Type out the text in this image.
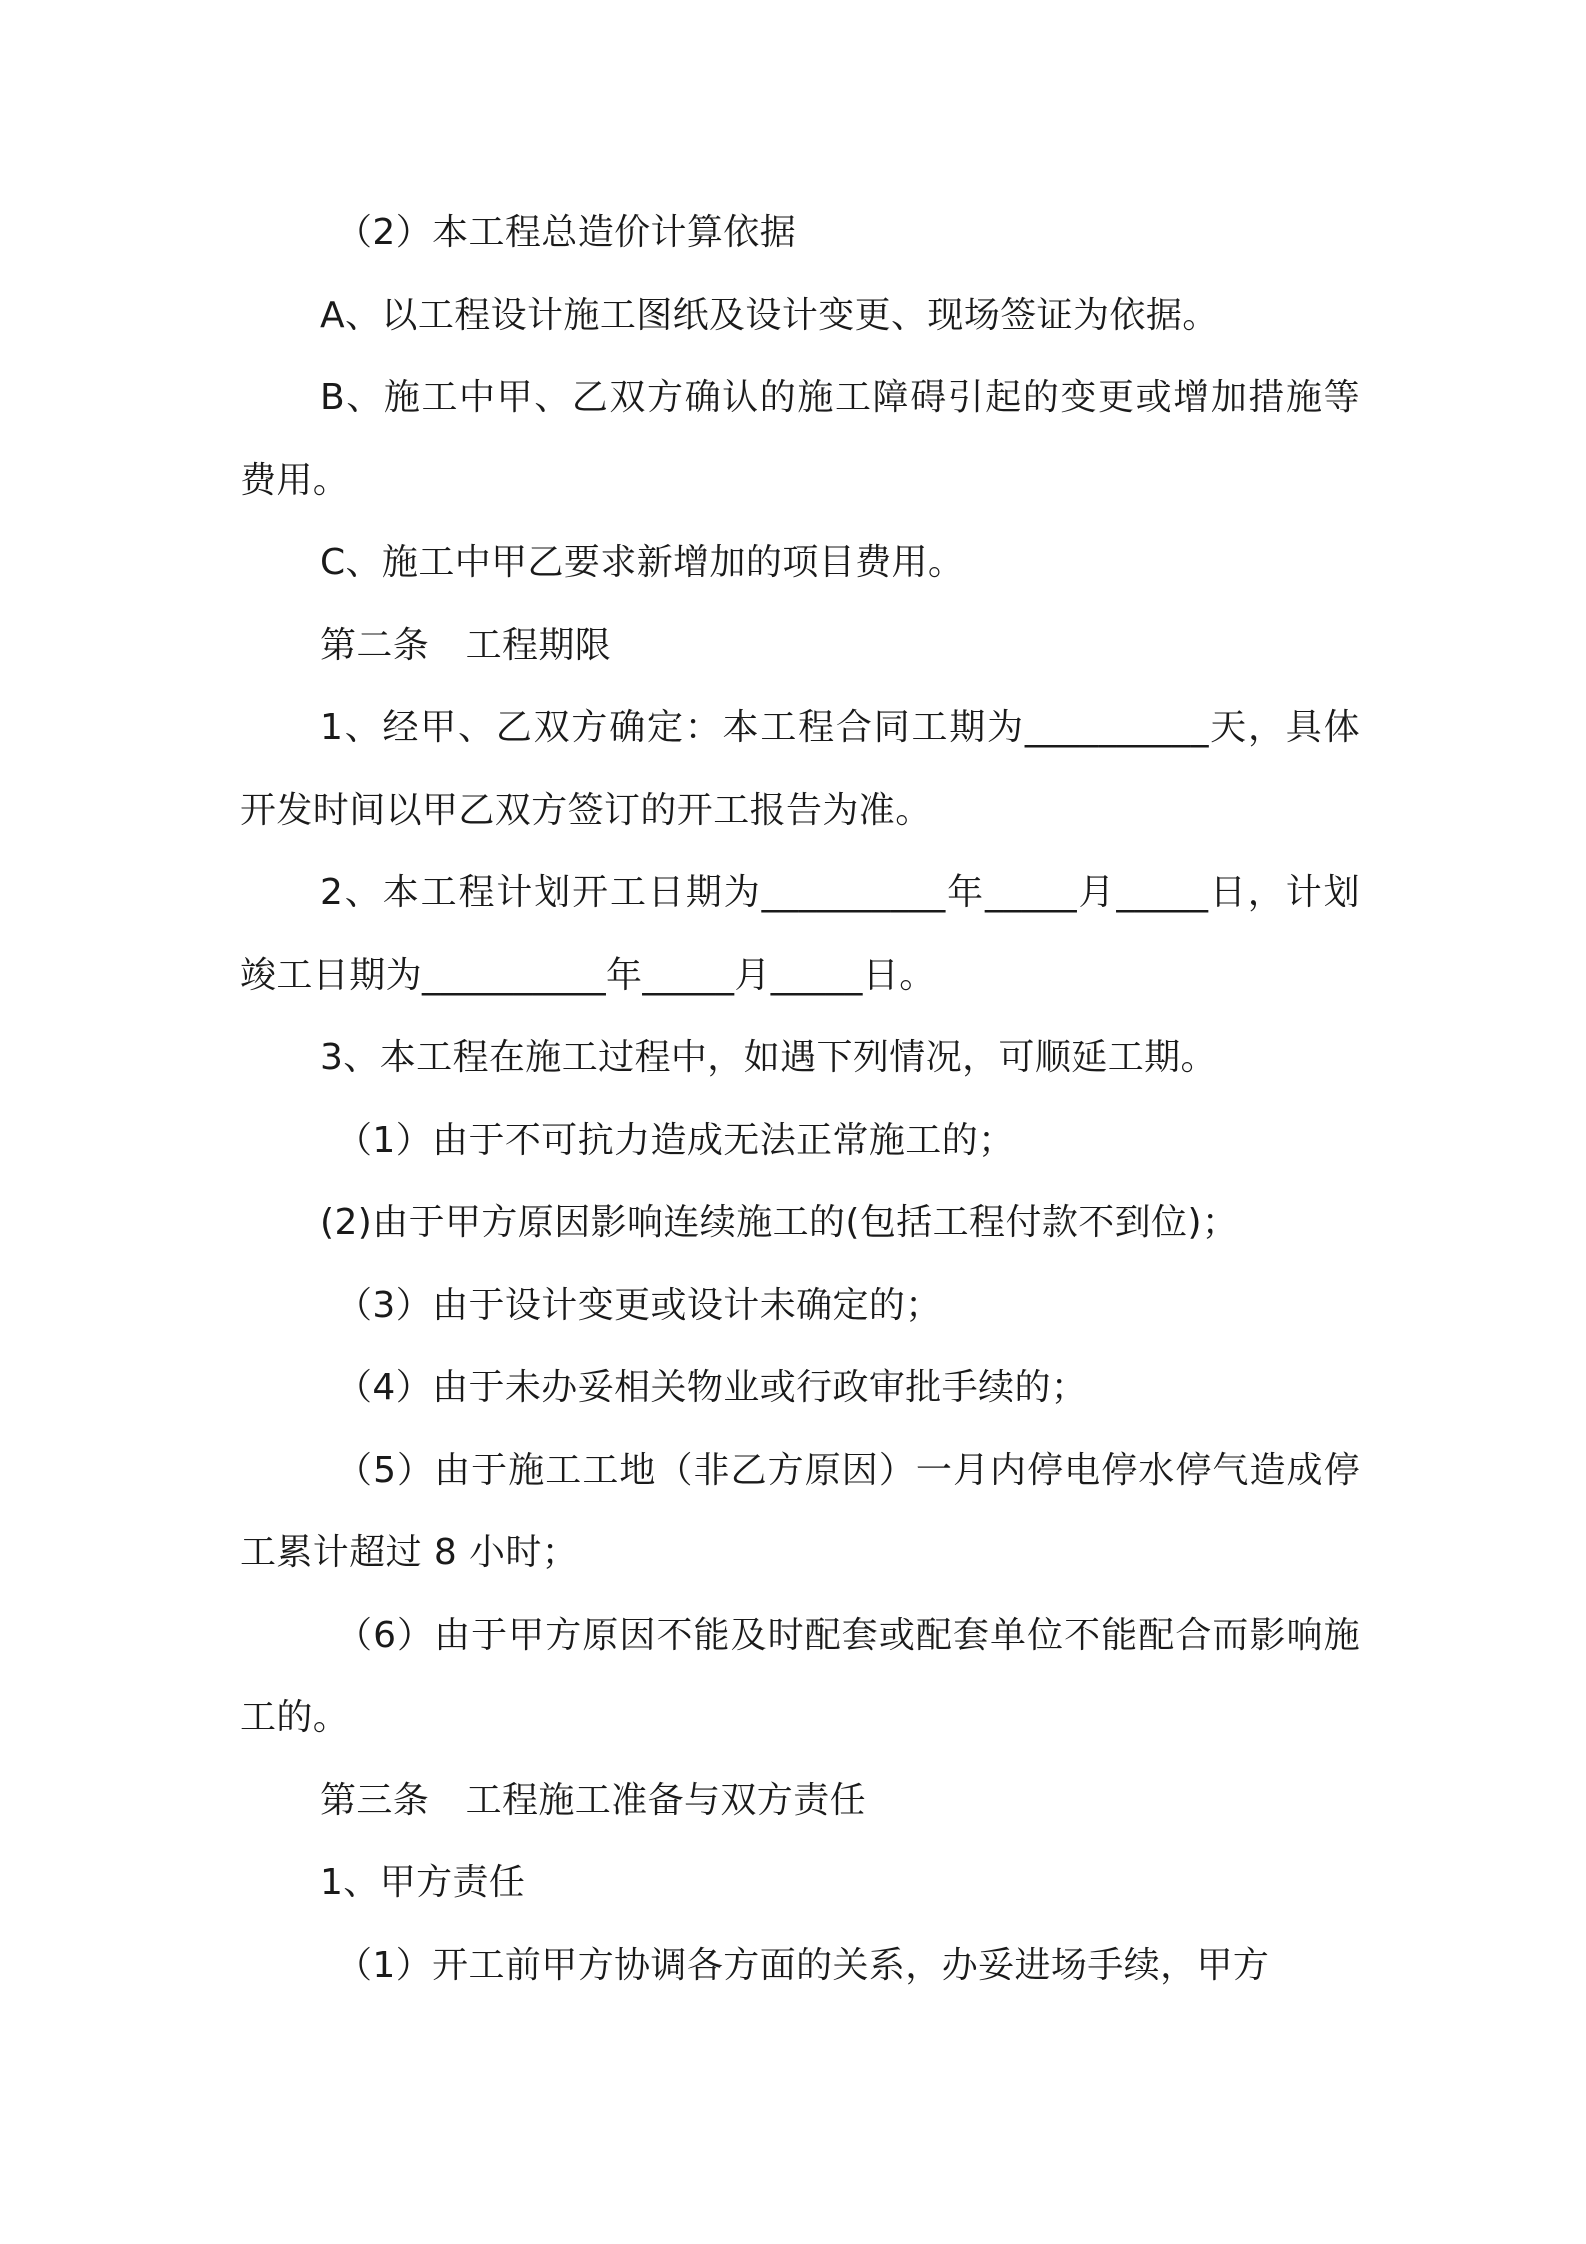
（2）本工程总造价计算依据

A、以工程设计施工图纸及设计变更、现场签证为依据。

B、施工中甲、乙双方确认的施工障碍引起的变更或增加措施等费用。

C、施工中甲乙要求新增加的项目费用。

第二条　工程期限

1、经甲、乙双方确定：本工程合同工期为__________天，具体开发时间以甲乙双方签订的开工报告为准。

2、本工程计划开工日期为__________年_____月_____日，计划竣工日期为__________年_____月_____日。

3、本工程在施工过程中，如遇下列情况，可顺延工期。

（1）由于不可抗力造成无法正常施工的；

(2)由于甲方原因影响连续施工的(包括工程付款不到位)；

（3）由于设计变更或设计未确定的；

（4）由于未办妥相关物业或行政审批手续的；

（5）由于施工工地（非乙方原因）一月内停电停水停气造成停工累计超过 8 小时；

（6）由于甲方原因不能及时配套或配套单位不能配合而影响施工的。

第三条　工程施工准备与双方责任

1、甲方责任

（1）开工前甲方协调各方面的关系，办妥进场手续，甲方
